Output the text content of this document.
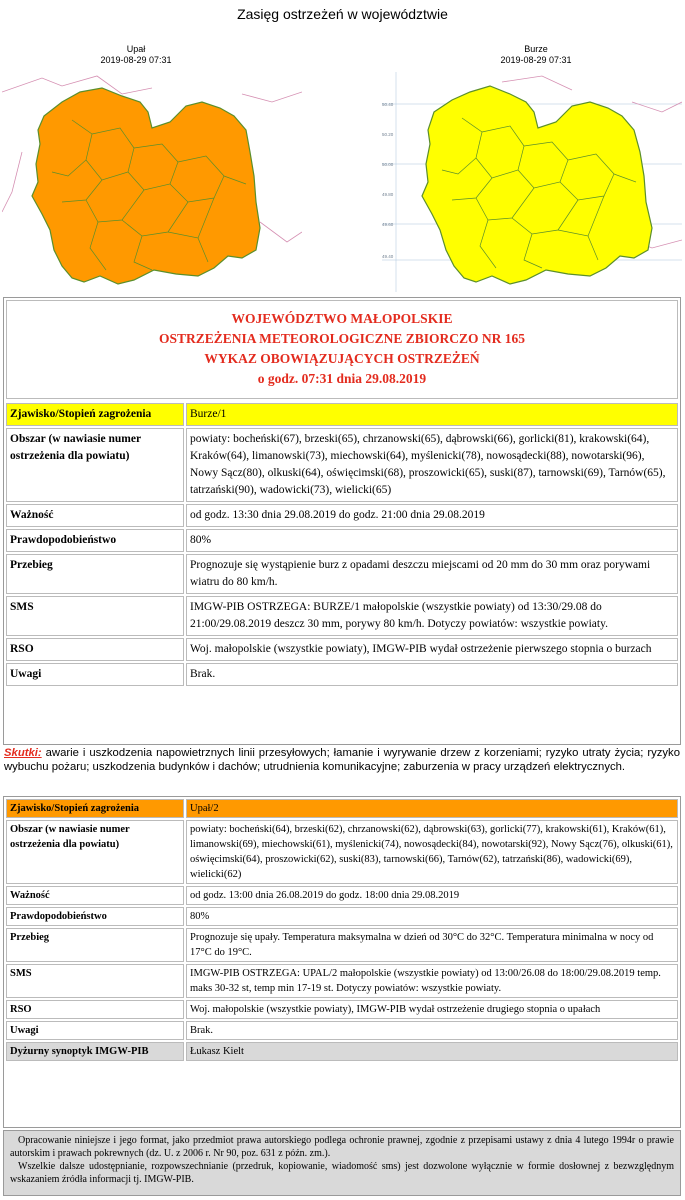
Zasięg ostrzeżeń w województwie
Upał
2019-08-29 07:31
Burze
2019-08-29 07:31
50.40
50.20
50.00
49.80
49.60
49.40
WOJEWÓDZTWO MAŁOPOLSKIE
OSTRZEŻENIA METEOROLOGICZNE ZBIORCZO NR 165
WYKAZ OBOWIĄZUJĄCYCH OSTRZEŻEŃ
o godz. 07:31 dnia 29.08.2019
Zjawisko/Stopień zagrożenia	Burze/1
Obszar (w nawiasie numer ostrzeżenia dla powiatu)	powiaty: bocheński(67), brzeski(65), chrzanowski(65), dąbrowski(66), gorlicki(81), krakowski(64), Kraków(64), limanowski(73), miechowski(64), myślenicki(78), nowosądecki(88), nowotarski(96), Nowy Sącz(80), olkuski(64), oświęcimski(68), proszowicki(65), suski(87), tarnowski(69), Tarnów(65), tatrzański(90), wadowicki(73), wielicki(65)
Ważność	od godz. 13:30 dnia 29.08.2019 do godz. 21:00 dnia 29.08.2019
Prawdopodobieństwo	80%
Przebieg	Prognozuje się wystąpienie burz z opadami deszczu miejscami od 20 mm do 30 mm oraz porywami wiatru do 80 km/h.
SMS	IMGW-PIB OSTRZEGA: BURZE/1 małopolskie (wszystkie powiaty) od 13:30/29.08 do 21:00/29.08.2019 deszcz 30 mm, porywy 80 km/h. Dotyczy powiatów: wszystkie powiaty.
RSO	Woj. małopolskie (wszystkie powiaty), IMGW-PIB wydał ostrzeżenie pierwszego stopnia o burzach
Uwagi	Brak.
Skutki: awarie i uszkodzenia napowietrznych linii przesyłowych; łamanie i wyrywanie drzew z korzeniami; ryzyko utraty życia; ryzyko wybuchu pożaru; uszkodzenia budynków i dachów; utrudnienia komunikacyjne; zaburzenia w pracy urządzeń elektrycznych.
Zjawisko/Stopień zagrożenia	Upał/2
Obszar (w nawiasie numer ostrzeżenia dla powiatu)	powiaty: bocheński(64), brzeski(62), chrzanowski(62), dąbrowski(63), gorlicki(77), krakowski(61), Kraków(61), limanowski(69), miechowski(61), myślenicki(74), nowosądecki(84), nowotarski(92), Nowy Sącz(76), olkuski(61), oświęcimski(64), proszowicki(62), suski(83), tarnowski(66), Tarnów(62), tatrzański(86), wadowicki(69), wielicki(62)
Ważność	od godz. 13:00 dnia 26.08.2019 do godz. 18:00 dnia 29.08.2019
Prawdopodobieństwo	80%
Przebieg	Prognozuje się upały. Temperatura maksymalna w dzień od 30°C do 32°C. Temperatura minimalna w nocy od 17°C do 19°C.
SMS	IMGW-PIB OSTRZEGA: UPAL/2 małopolskie (wszystkie powiaty) od 13:00/26.08 do 18:00/29.08.2019 temp. maks 30-32 st, temp min 17-19 st. Dotyczy powiatów: wszystkie powiaty.
RSO	Woj. małopolskie (wszystkie powiaty), IMGW-PIB wydał ostrzeżenie drugiego stopnia o upałach
Uwagi	Brak.
Dyżurny synoptyk IMGW-PIB	Łukasz Kielt

Opracowanie niniejsze i jego format, jako przedmiot prawa autorskiego podlega ochronie prawnej, zgodnie z przepisami ustawy z dnia 4 lutego 1994r o prawie autorskim i prawach pokrewnych (dz. U. z 2006 r. Nr 90, poz. 631 z późn. zm.).

Wszelkie dalsze udostępnianie, rozpowszechnianie (przedruk, kopiowanie, wiadomość sms) jest dozwolone wyłącznie w formie dosłownej z bezwzględnym wskazaniem źródła informacji tj. IMGW-PIB.
